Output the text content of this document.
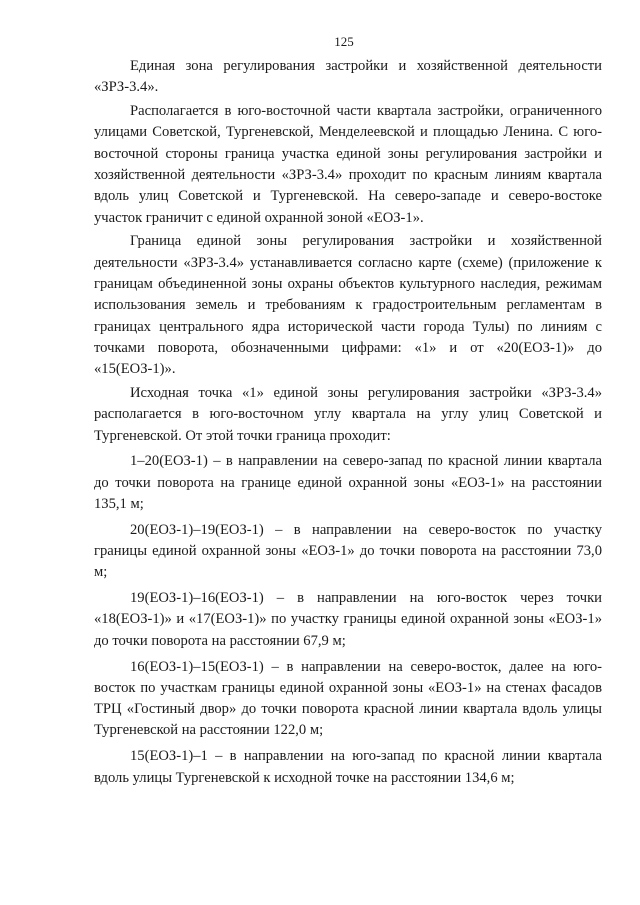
125

Единая зона регулирования застройки и хозяйственной деятельности «ЗРЗ-3.4».

Располагается в юго-восточной части квартала застройки, ограниченного улицами Советской, Тургеневской, Менделеевской и площадью Ленина. С юго-восточной стороны граница участка единой зоны регулирования застройки и хозяйственной деятельности «ЗРЗ-3.4» проходит по красным линиям квартала вдоль улиц Советской и Тургеневской. На северо-западе и северо-востоке участок граничит с единой охранной зоной «ЕОЗ-1».

Граница единой зоны регулирования застройки и хозяйственной деятельности «ЗРЗ-3.4» устанавливается согласно карте (схеме) (приложение к границам объединенной зоны охраны объектов культурного наследия, режимам использования земель и требованиям к градостроительным регламентам в границах центрального ядра исторической части города Тулы) по линиям с точками поворота, обозначенными цифрами: «1» и от «20(ЕОЗ-1)» до «15(ЕОЗ-1)».

Исходная точка «1» единой зоны регулирования застройки «ЗРЗ-3.4» располагается в юго-восточном углу квартала на углу улиц Советской и Тургеневской. От этой точки граница проходит:

1–20(ЕОЗ-1) – в направлении на северо-запад по красной линии квартала до точки поворота на границе единой охранной зоны «ЕОЗ-1» на расстоянии 135,1 м;

20(ЕОЗ-1)–19(ЕОЗ-1) – в направлении на северо-восток по участку границы единой охранной зоны «ЕОЗ-1» до точки поворота на расстоянии 73,0 м;

19(ЕОЗ-1)–16(ЕОЗ-1) – в направлении на юго-восток через точки «18(ЕОЗ-1)» и «17(ЕОЗ-1)» по участку границы единой охранной зоны «ЕОЗ-1» до точки поворота на расстоянии 67,9 м;

16(ЕОЗ-1)–15(ЕОЗ-1) – в направлении на северо-восток, далее на юго-восток по участкам границы единой охранной зоны «ЕОЗ-1» на стенах фасадов ТРЦ «Гостиный двор» до точки поворота красной линии квартала вдоль улицы Тургеневской на расстоянии 122,0 м;

15(ЕОЗ-1)–1 – в направлении на юго-запад по красной линии квартала вдоль улицы Тургеневской к исходной точке на расстоянии 134,6 м;
